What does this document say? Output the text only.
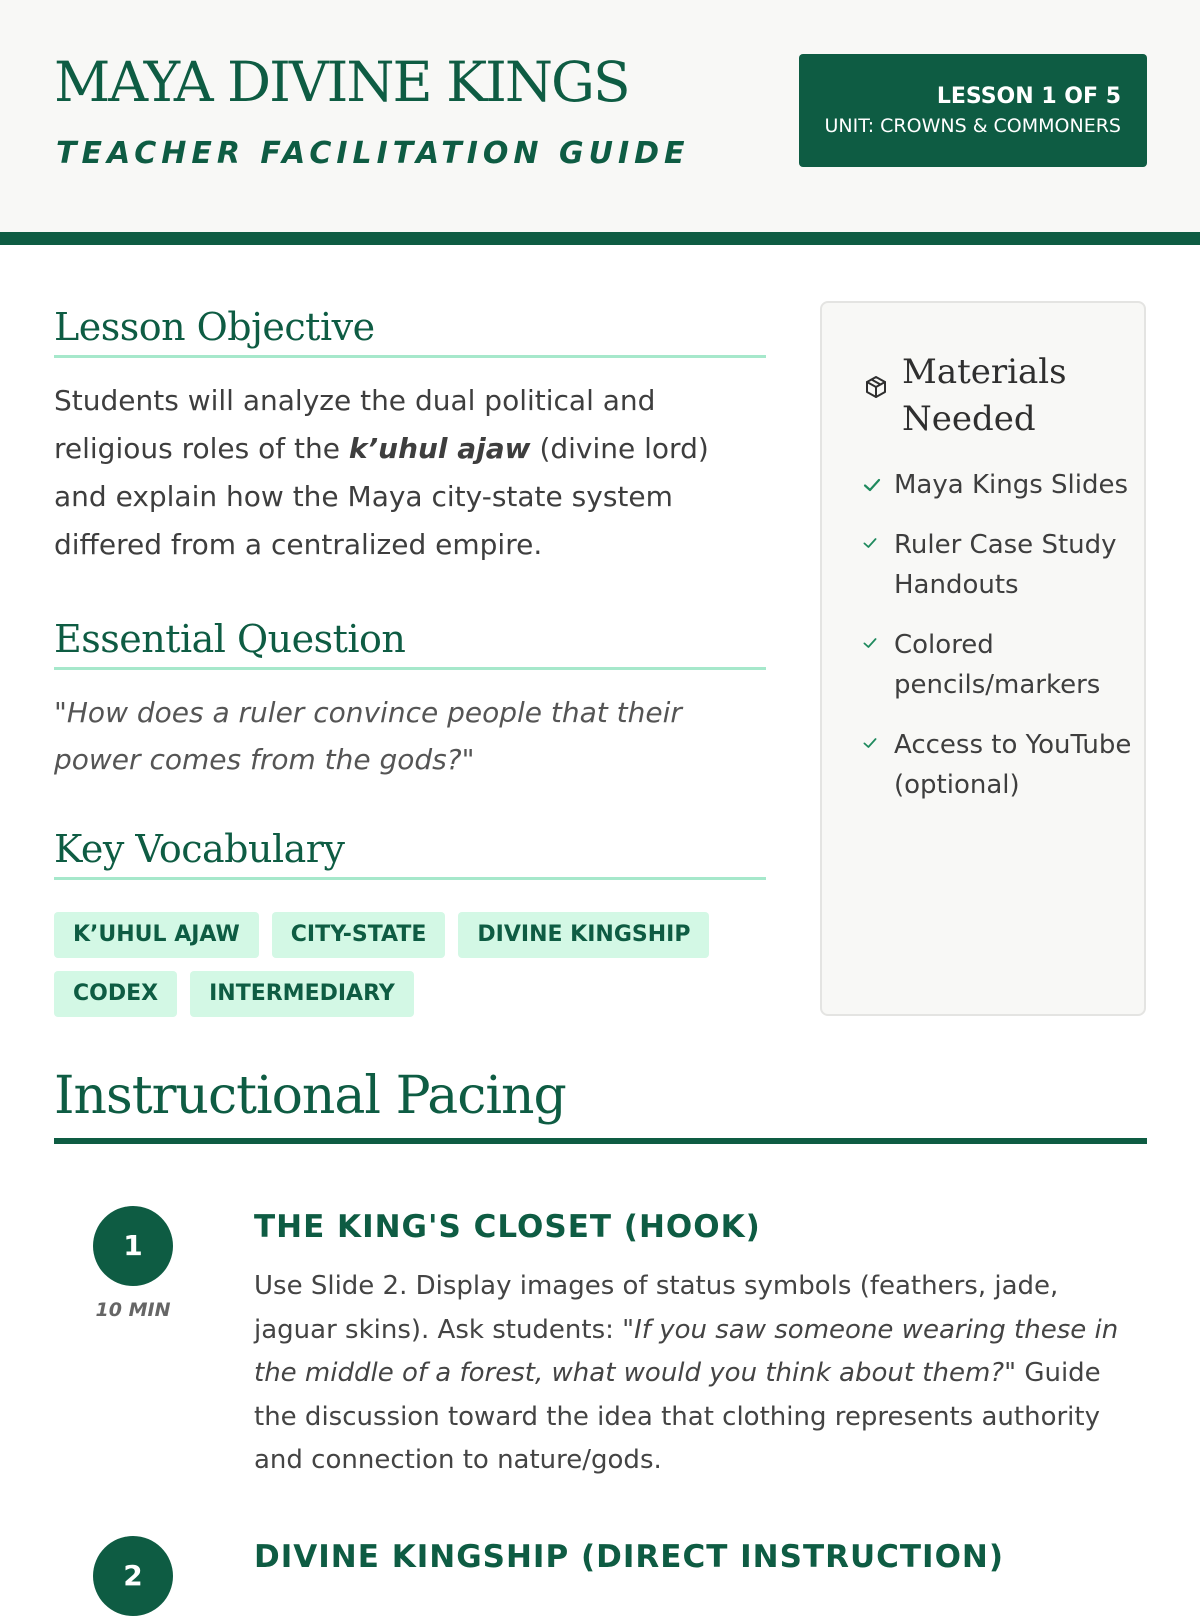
MAYA DIVINE KINGS
TEACHER FACILITATION GUIDE
LESSON 1 OF 5
UNIT: CROWNS & COMMONERS
Lesson Objective
Students will analyze the dual political and religious roles of the k’uhul ajaw (divine lord) and explain how the Maya city-state system differed from a centralized empire.
Essential Question
"How does a ruler convince people that their power comes from the gods?"
Key Vocabulary
K’UHUL AJAW	CITY-STATE	DIVINE KINGSHIP
CODEX	INTERMEDIARY
Materials Needed
Maya Kings Slides
Ruler Case Study Handouts
Colored pencils/markers
Access to YouTube (optional)
Instructional Pacing
1
10 MIN
THE KING'S CLOSET (HOOK)
Use Slide 2. Display images of status symbols (feathers, jade, jaguar skins). Ask students: "If you saw someone wearing these in the middle of a forest, what would you think about them?" Guide the discussion toward the idea that clothing represents authority and connection to nature/gods.
2
DIVINE KINGSHIP (DIRECT INSTRUCTION)
